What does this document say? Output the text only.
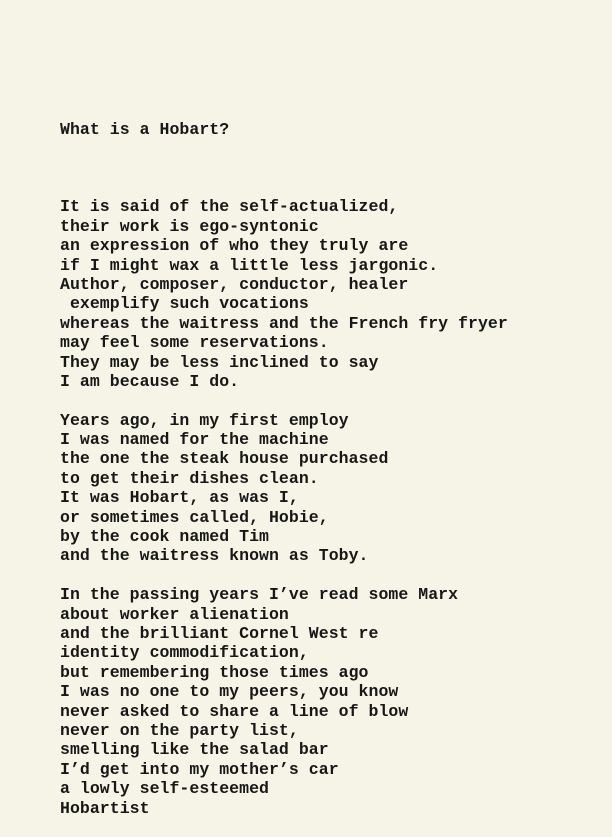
What is a Hobart?

It is said of the self-actualized,
their work is ego-syntonic
an expression of who they truly are
if I might wax a little less jargonic.
Author, composer, conductor, healer
exemplify such vocations
whereas the waitress and the French fry fryer
may feel some reservations.
They may be less inclined to say
I am because I do.
Years ago, in my first employ
I was named for the machine
the one the steak house purchased
to get their dishes clean.
It was Hobart, as was I,
or sometimes called, Hobie,
by the cook named Tim
and the waitress known as Toby.
In the passing years I’ve read some Marx
about worker alienation
and the brilliant Cornel West re
identity commodification,
but remembering those times ago
I was no one to my peers, you know
never asked to share a line of blow
never on the party list,
smelling like the salad bar
I’d get into my mother’s car
a lowly self-esteemed
Hobartist
